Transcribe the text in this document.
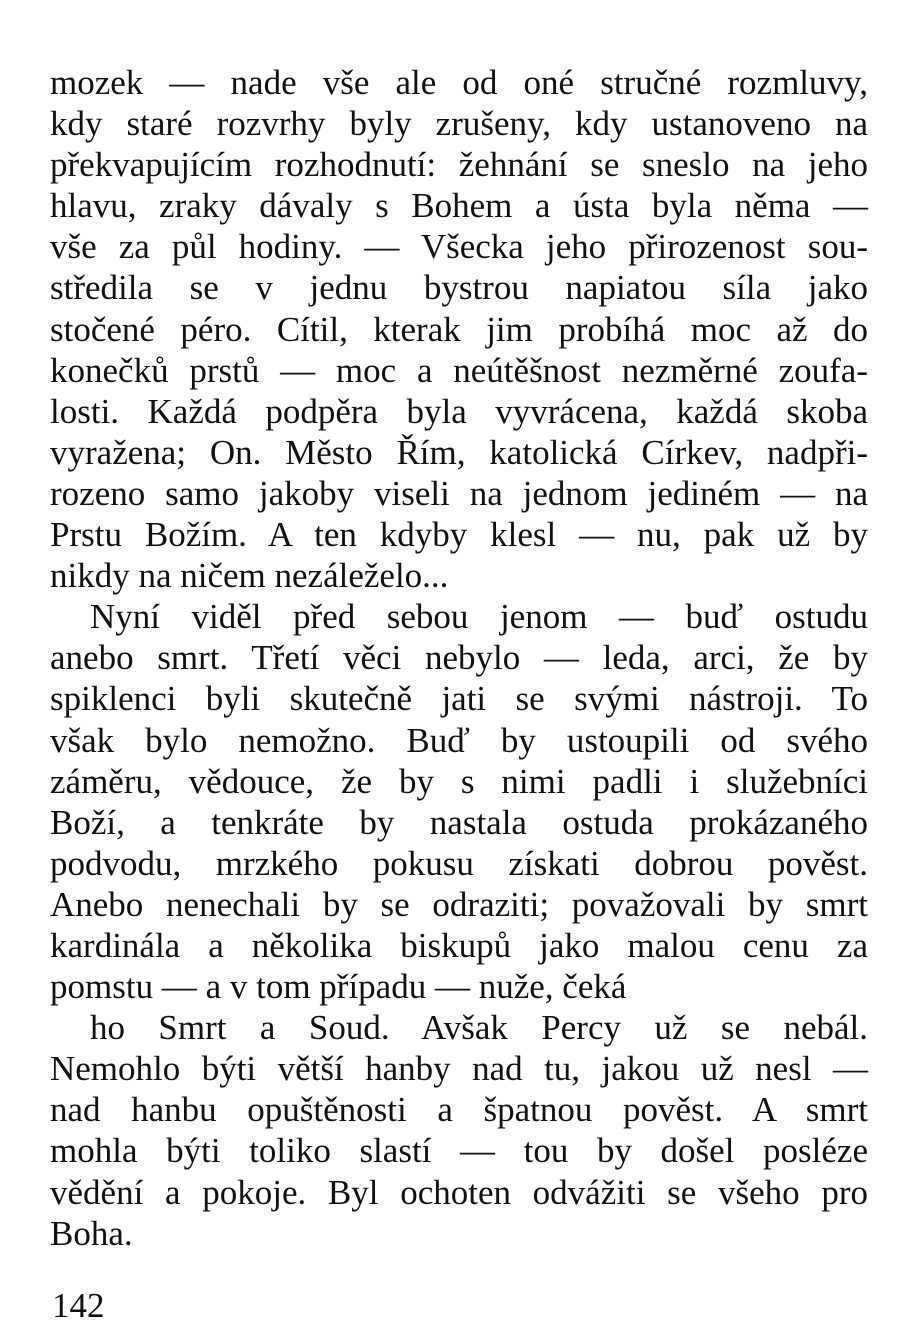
mozek — nade vše ale od oné stručné rozmluvy,
kdy staré rozvrhy byly zrušeny, kdy ustanoveno na
překvapujícím rozhodnutí: žehnání se sneslo na jeho
hlavu, zraky dávaly s Bohem a ústa byla něma —
vše za půl hodiny. — Všecka jeho přirozenost sou-
středila se v jednu bystrou napiatou síla jako
stočené péro. Cítil, kterak jim probíhá moc až do
konečků prstů — moc a neútěšnost nezměrné zoufa-
losti. Každá podpěra byla vyvrácena, každá skoba
vyražena; On. Město Řím, katolická Církev, nadpři-
rozeno samo jakoby viseli na jednom jediném — na
Prstu Božím. A ten kdyby klesl — nu, pak už by
nikdy na ničem nezáleželo...
Nyní viděl před sebou jenom — buď ostudu
anebo smrt. Třetí věci nebylo — leda, arci, že by
spiklenci byli skutečně jati se svými nástroji. To
však bylo nemožno. Buď by ustoupili od svého
záměru, vědouce, že by s nimi padli i služebníci
Boží, a tenkráte by nastala ostuda prokázaného
podvodu, mrzkého pokusu získati dobrou pověst.
Anebo nenechali by se odraziti; považovali by smrt
kardinála a několika biskupů jako malou cenu za
pomstu — a v tom případu — nuže, čeká
ho Smrt a Soud. Avšak Percy už se nebál.
Nemohlo býti větší hanby nad tu, jakou už nesl —
nad hanbu opuštěnosti a špatnou pověst. A smrt
mohla býti toliko slastí — tou by došel posléze
vědění a pokoje. Byl ochoten odvážiti se všeho pro
Boha.
142
